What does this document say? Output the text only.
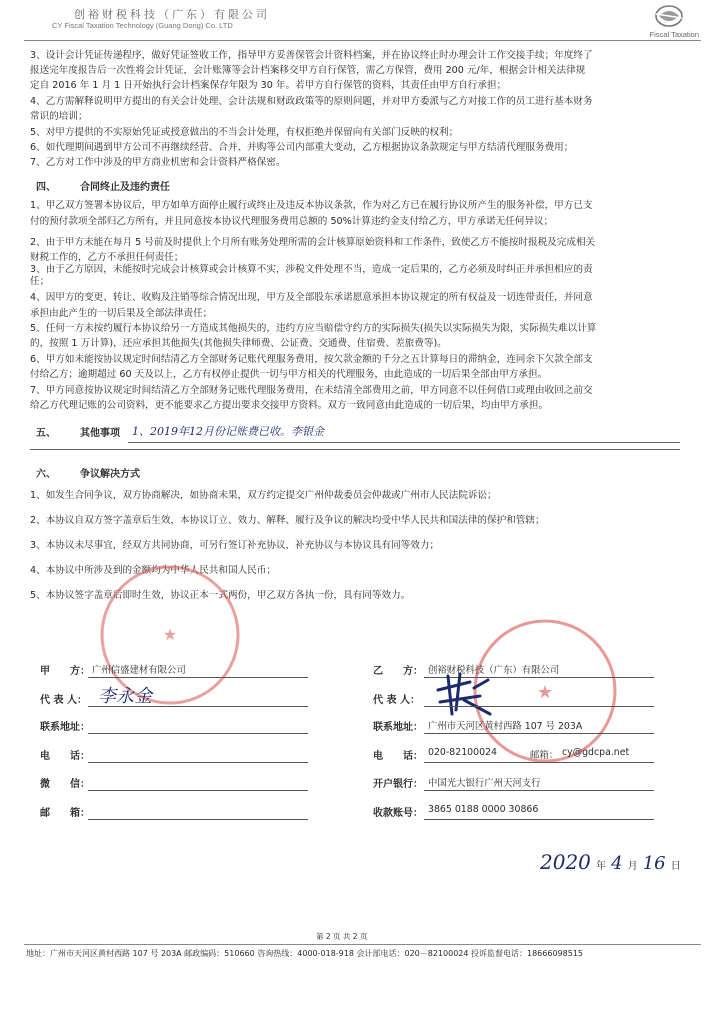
创裕财税科技（广东）有限公司
CY Fiscal Taxation Technology (Guang Dong) Co. LTD
Fiscal Taxation
3、设计会计凭证传递程序，做好凭证签收工作，指导甲方妥善保管会计资料档案，并在协议终止时办理会计工作交接手续；年度终了
报送完年度报告后一次性将会计凭证，会计账簿等会计档案移交甲方自行保管，需乙方保管，费用 200 元/年，根据会计相关法律规
定自 2016 年 1 月 1 日开始执行会计档案保存年限为 30 年。若甲方自行保管的资料，其责任由甲方自行承担；
4、乙方需解释说明甲方提出的有关会计处理、会计法规和财政政策等的原则问题，并对甲方委派与乙方对接工作的员工进行基本财务
常识的培训；
5、对甲方提供的不实原始凭证或授意做出的不当会计处理，有权拒绝并保留向有关部门反映的权利；
6、如代理期间遇到甲方公司不再继续经营、合并、并购等公司内部重大变动，乙方根据协议条款规定与甲方结清代理服务费用；
7、乙方对工作中涉及的甲方商业机密和会计资料严格保密。
四、 合同终止及违约责任
1、甲乙双方签署本协议后，甲方如单方面停止履行或终止及违反本协议条款，作为对乙方已在履行协议所产生的服务补偿，甲方已支
付的预付款项全部归乙方所有，并且同意按本协议代理服务费用总额的 50%计算违约金支付给乙方，甲方承诺无任何异议；
2、由于甲方未能在每月 5 号前及时提供上个月所有账务处理所需的会计核算原始资料和工作条件，致使乙方不能按时报税及完成相关
财税工作的，乙方不承担任何责任；
3、由于乙方原因，未能按时完成会计核算或会计核算不实，涉税文件处理不当，造成一定后果的，乙方必须及时纠正并承担相应的责
任；
4、因甲方的变更、转让、收购及注销等综合情况出现，甲方及全部股东承诺愿意承担本协议规定的所有权益及一切连带责任，并同意
承担由此产生的一切后果及全部法律责任；
5、任何一方未按约履行本协议给另一方造成其他损失的，违约方应当赔偿守约方的实际损失(损失以实际损失为限，实际损失难以计算
的，按照 1 万计算)，还应承担其他损失(其他损失律师费、公证费、交通费、住宿费、差旅费等)。
6、甲方如未能按协议规定时间结清乙方全部财务记账代理服务费用，按欠款金额的千分之五计算每日的滞纳金，连同余下欠款全部支
付给乙方；逾期超过 60 天及以上，乙方有权停止提供一切与甲方相关的代理服务，由此造成的一切后果全部由甲方承担。
7、甲方同意按协议规定时间结清乙方全部财务记账代理服务费用，在未结清全部费用之前，甲方同意不以任何借口或理由收回之前交
给乙方代理记账的公司资料，更不能要求乙方提出要求交接甲方资料。双方一致同意由此造成的一切后果，均由甲方承担。
五、 其他事项 1、2019年12月份记账费已收。李银金
六、 争议解决方式
1、如发生合同争议，双方协商解决，如协商未果，双方约定提交广州仲裁委员会仲裁或广州市人民法院诉讼；
2、本协议自双方签字盖章后生效，本协议订立、效力、解释、履行及争议的解决均受中华人民共和国法律的保护和管辖；
3、本协议未尽事宜，经双方共同协商，可另行签订补充协议，补充协议与本协议具有同等效力；
4、本协议中所涉及到的金额均为中华人民共和国人民币；
5、本协议签字盖章后即时生效，协议正本一式两份，甲乙双方各执一份，具有同等效力。
★
★
甲　　方： 广州信盛建材有限公司
代 表 人： 李永金
联系地址：
电　　话：
微　　信：
邮　　箱：
乙　　方： 创裕财税科技（广东）有限公司
代 表 人：
联系地址： 广州市天河区黄村西路 107 号 203A
电　　话： 020-82100024	邮箱： cy@gdcpa.net
开户银行： 中国光大银行广州天河支行
收款账号： 3865 0188 0000 30866
2020 年 4 月 16 日
第 2 页 共 2 页
地址：广州市天河区黄村西路 107 号 203A 邮政编码：510660 咨询热线：4000-018-918 会计部电话：020－82100024 投诉监督电话：18666098515
